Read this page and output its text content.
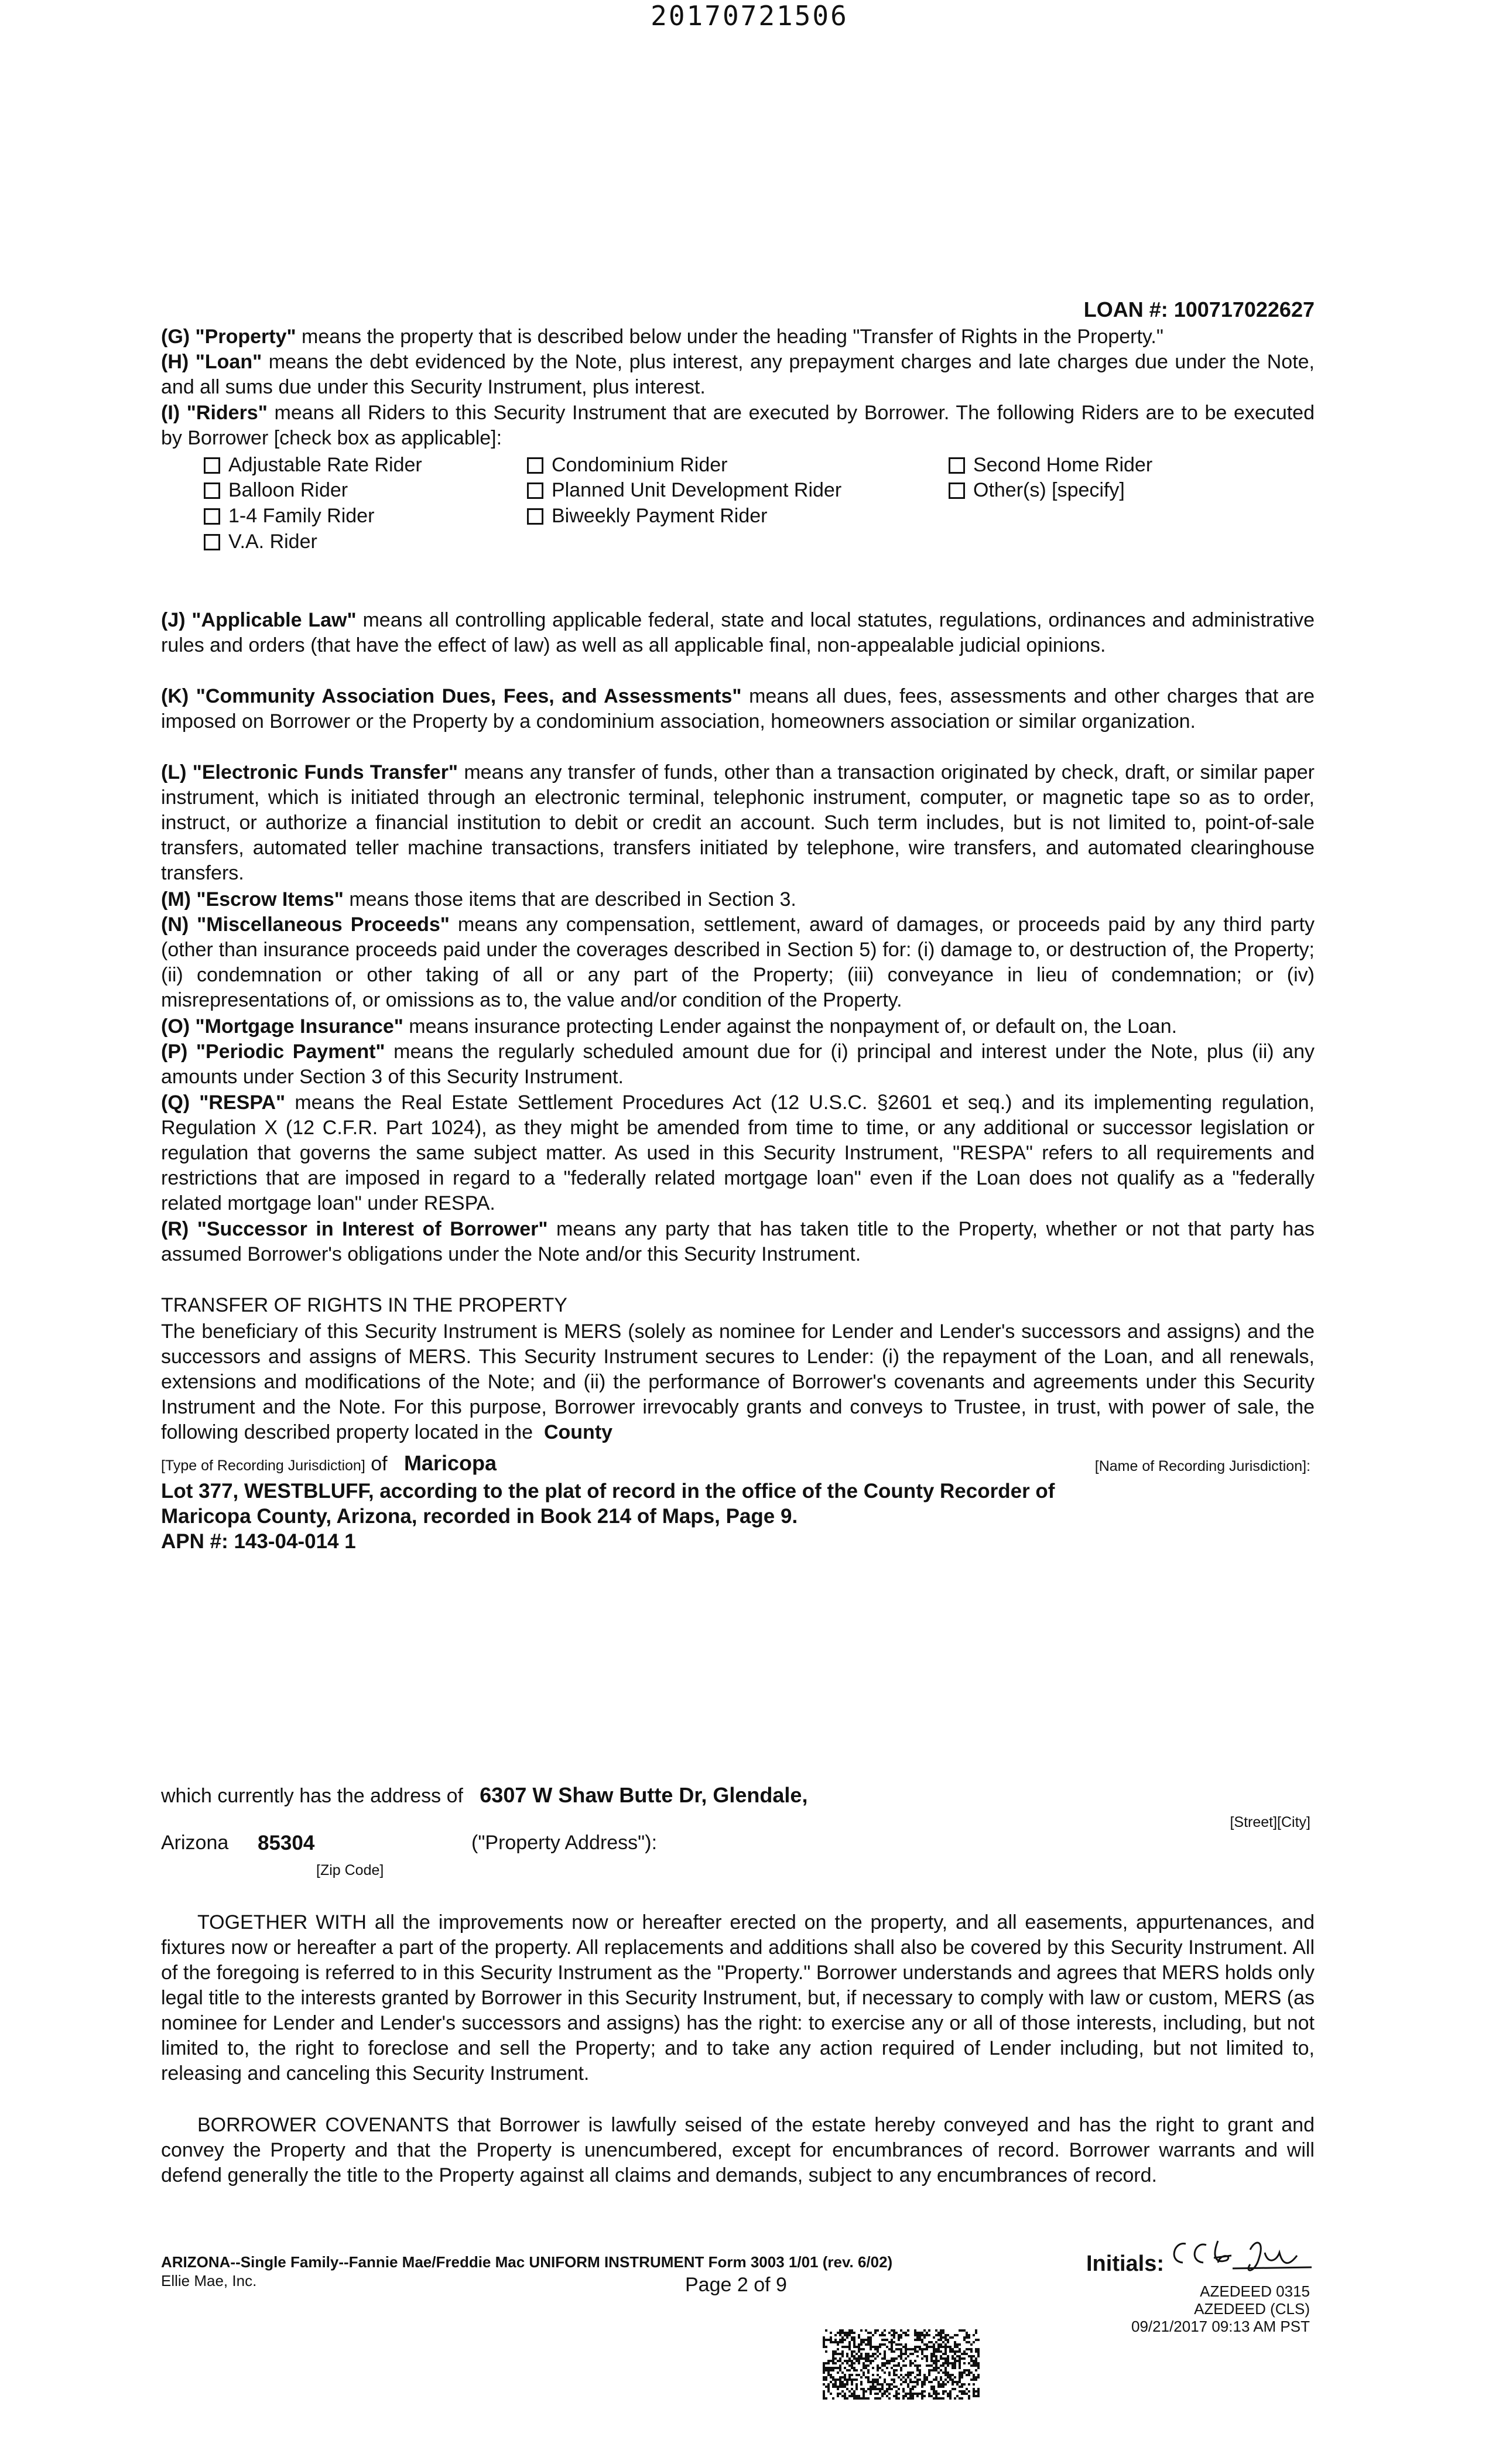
20170721506
LOAN #: 100717022627

(G) "Property" means the property that is described below under the heading "Transfer of Rights in the Property."

(H) "Loan" means the debt evidenced by the Note, plus interest, any prepayment charges and late charges due under the Note, and all sums due under this Security Instrument, plus interest.

(I) "Riders" means all Riders to this Security Instrument that are executed by Borrower. The following Riders are to be executed by Borrower [check box as applicable]:

Adjustable Rate Rider
Balloon Rider
1-4 Family Rider
V.A. Rider
Condominium Rider
Planned Unit Development Rider
Biweekly Payment Rider
Second Home Rider
Other(s) [specify]

(J) "Applicable Law" means all controlling applicable federal, state and local statutes, regulations, ordinances and administrative rules and orders (that have the effect of law) as well as all applicable final, non-appealable judicial opinions.

(K) "Community Association Dues, Fees, and Assessments" means all dues, fees, assessments and other charges that are imposed on Borrower or the Property by a condominium association, homeowners association or similar organization.

(L) "Electronic Funds Transfer" means any transfer of funds, other than a transaction originated by check, draft, or similar paper instrument, which is initiated through an electronic terminal, telephonic instrument, computer, or magnetic tape so as to order, instruct, or authorize a financial institution to debit or credit an account. Such term includes, but is not limited to, point-of-sale transfers, automated teller machine transactions, transfers initiated by telephone, wire transfers, and automated clearinghouse transfers.

(M) "Escrow Items" means those items that are described in Section 3.

(N) "Miscellaneous Proceeds" means any compensation, settlement, award of damages, or proceeds paid by any third party (other than insurance proceeds paid under the coverages described in Section 5) for: (i) damage to, or destruction of, the Property; (ii) condemnation or other taking of all or any part of the Property; (iii) conveyance in lieu of condemnation; or (iv) misrepresentations of, or omissions as to, the value and/or condition of the Property.

(O) "Mortgage Insurance" means insurance protecting Lender against the nonpayment of, or default on, the Loan.

(P) "Periodic Payment" means the regularly scheduled amount due for (i) principal and interest under the Note, plus (ii) any amounts under Section 3 of this Security Instrument.

(Q) "RESPA" means the Real Estate Settlement Procedures Act (12 U.S.C. §2601 et seq.) and its implementing regulation, Regulation X (12 C.F.R. Part 1024), as they might be amended from time to time, or any additional or successor legislation or regulation that governs the same subject matter. As used in this Security Instrument, "RESPA" refers to all requirements and restrictions that are imposed in regard to a "federally related mortgage loan" even if the Loan does not qualify as a "federally related mortgage loan" under RESPA.

(R) "Successor in Interest of Borrower" means any party that has taken title to the Property, whether or not that party has assumed Borrower's obligations under the Note and/or this Security Instrument.

TRANSFER OF RIGHTS IN THE PROPERTY

The beneficiary of this Security Instrument is MERS (solely as nominee for Lender and Lender's successors and assigns) and the successors and assigns of MERS. This Security Instrument secures to Lender: (i) the repayment of the Loan, and all renewals, extensions and modifications of the Note; and (ii) the performance of Borrower's covenants and agreements under this Security Instrument and the Note. For this purpose, Borrower irrevocably grants and conveys to Trustee, in trust, with power of sale, the following described property located in the County

[Type of Recording Jurisdiction]
of
Maricopa	[Name of Recording Jurisdiction]:
Lot 377, WESTBLUFF, according to the plat of record in the office of the County Recorder of
Maricopa County, Arizona, recorded in Book 214 of Maps, Page 9.
APN #: 143-04-014 1
which currently has the address of
6307 W Shaw Butte Dr, Glendale,
[Street][City]
Arizona 85304	("Property Address"):
[Zip Code]

TOGETHER WITH all the improvements now or hereafter erected on the property, and all easements, appurtenances, and fixtures now or hereafter a part of the property. All replacements and additions shall also be covered by this Security Instrument. All of the foregoing is referred to in this Security Instrument as the "Property." Borrower understands and agrees that MERS holds only legal title to the interests granted by Borrower in this Security Instrument, but, if necessary to comply with law or custom, MERS (as nominee for Lender and Lender's successors and assigns) has the right: to exercise any or all of those interests, including, but not limited to, the right to foreclose and sell the Property; and to take any action required of Lender including, but not limited to, releasing and canceling this Security Instrument.

BORROWER COVENANTS that Borrower is lawfully seised of the estate hereby conveyed and has the right to grant and convey the Property and that the Property is unencumbered, except for encumbrances of record. Borrower warrants and will defend generally the title to the Property against all claims and demands, subject to any encumbrances of record.

ARIZONA--Single Family--Fannie Mae/Freddie Mac UNIFORM INSTRUMENT Form 3003 1/01 (rev. 6/02)
Ellie Mae, Inc.	Page 2 of 9
Initials:
AZEDEED 0315
AZEDEED (CLS)
09/21/2017 09:13 AM PST
